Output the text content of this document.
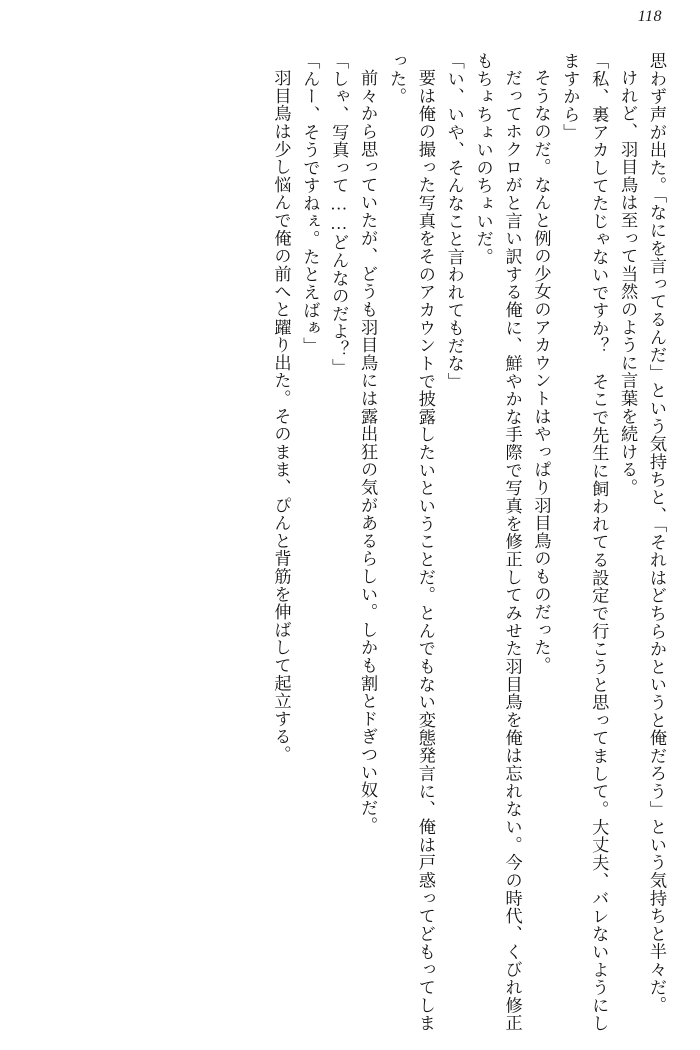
118

思わず声が出た。「なにを言ってるんだ」という気持ちと、「それはどちらかというと俺だろう」という気持ちと半々だ。

けれど、羽目鳥は至って当然のように言葉を続ける。

「私、裏アカしてたじゃないですか？　そこで先生に飼われてる設定で行こうと思ってまして。大丈夫、バレないようにしますから」

そうなのだ。なんと例の少女のアカウントはやっぱり羽目鳥のものだった。

だってホクロがと言い訳する俺に、鮮やかな手際で写真を修正してみせた羽目鳥を俺は忘れない。今の時代、くびれ修正もちょちょいのちょいだ。

「い、いや、そんなこと言われてもだな」

要は俺の撮った写真をそのアカウントで披露したいということだ。とんでもない変態発言に、俺は戸惑ってどもってしまった。

前々から思っていたが、どうも羽目鳥には露出狂の気があるらしい。しかも割とドぎつい奴だ。

「しゃ、写真って……どんなのだよ？」

「んー、そうですねぇ。たとえばぁ」

羽目鳥は少し悩んで俺の前へと躍り出た。そのまま、ぴんと背筋を伸ばして起立する。
